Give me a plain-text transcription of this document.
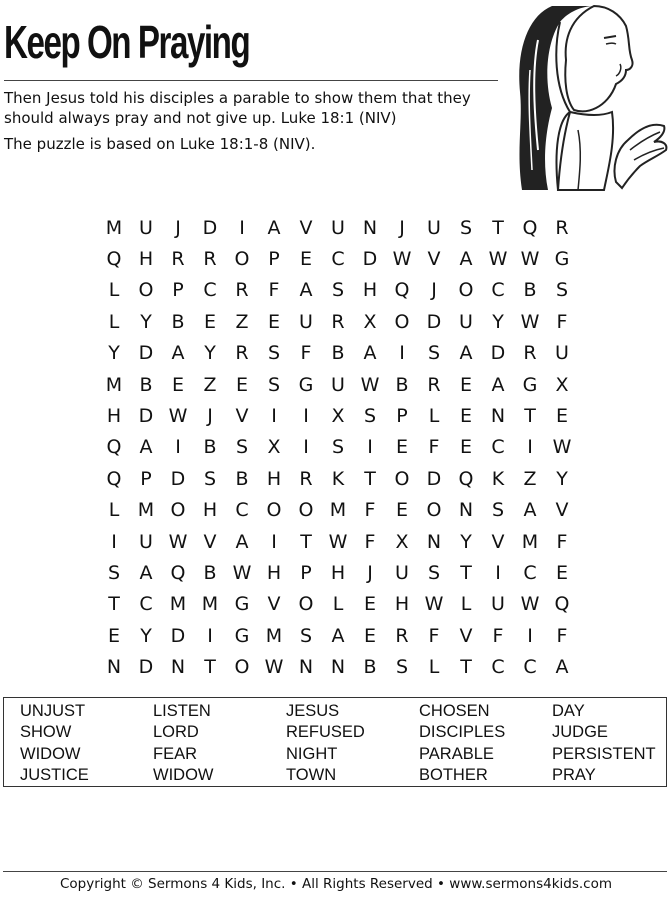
Keep On Praying

Then Jesus told his disciples a parable to show them that they should always pray and not give up. Luke 18:1 (NIV)

The puzzle is based on Luke 18:1-8 (NIV).

M U	J	D	I	A	V U N	J	U	S	T Q R
Q H R R O P	E	C D W V	A W W G
L	O P	C R	F	A	S H Q	J	O C B	S
L	Y	B	E	Z	E	U R X O D U	Y W F
Y D A	Y	R	S	F	B A	I	S	A D R U
M B	E	Z	E	S G U W B R	E	A G X
H D W	J	V	I	I	X	S	P	L	E N	T	E
Q A	I	B	S	X	I	S	I	E	F	E	C	I	W
Q P D S	B H R	K	T O D Q K	Z	Y
L M O H C O O M F	E O N S	A	V
I	U W V	A	I	T W F	X N	Y	V M F
S	A Q B W H	P	H	J	U	S	T	I	C	E
T	C M M G V O	L	E H W L	U W Q
E	Y D	I	G M S	A	E	R	F	V	F	I	F
N D N	T O W N N B	S	L	T	C C A
UNJUST	LISTEN	JESUS	CHOSEN	DAY
SHOW	LORD	REFUSED	DISCIPLES	JUDGE
WIDOW	FEAR	NIGHT	PARABLE	PERSISTENT
JUSTICE	WIDOW	TOWN	BOTHER	PRAY
Copyright © Sermons 4 Kids, Inc. • All Rights Reserved • www.sermons4kids.com
